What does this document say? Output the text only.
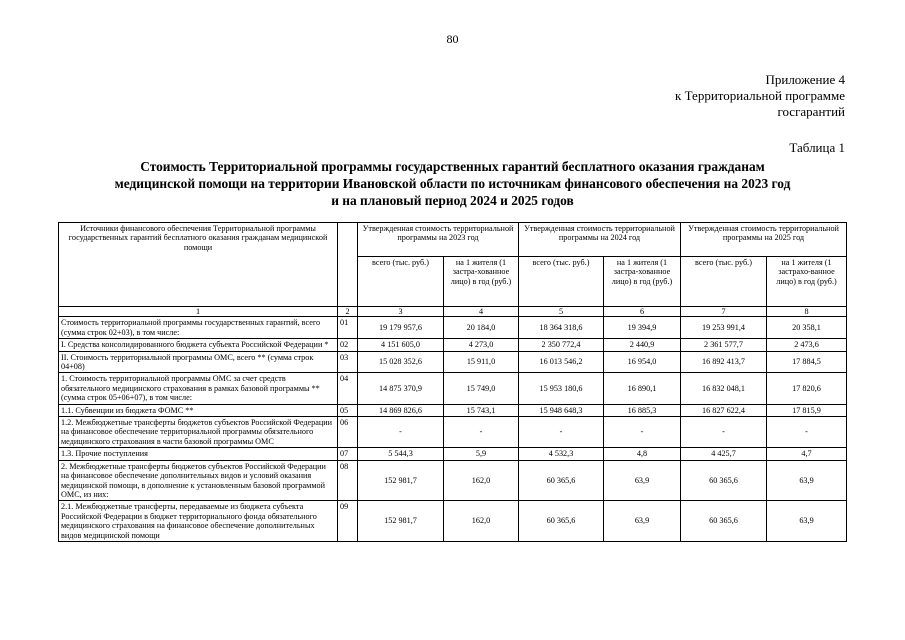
80
Приложение 4
к Территориальной программе
госгарантий
Таблица 1
Стоимость Территориальной программы государственных гарантий бесплатного оказания гражданам
медицинской помощи на территории Ивановской области по источникам финансового обеспечения на 2023 год
и на плановый период 2024 и 2025 годов
Источники финансового обеспечения Территориальной программы государственных гарантий бесплатного оказания гражданам медицинской помощи		Утвержденная стоимость территориальной программы на 2023 год		Утвержденная стоимость территориальной программы на 2024 год		Утвержденная стоимость территориальной программы на 2025 год	
		всего (тыс. руб.)	на 1 жителя (1 застра-хованное лицо) в год (руб.)	всего (тыс. руб.)	на 1 жителя (1 застра-хованное лицо) в год (руб.)	всего (тыс. руб.)	на 1 жителя (1 застрахо-ванное лицо) в год (руб.)
1	2	3	4	5	6	7	8
Стоимость территориальной программы государственных гарантий, всего (сумма строк 02+03), в том числе:	01	19 179 957,6	20 184,0	18 364 318,6	19 394,9	19 253 991,4	20 358,1
I. Средства консолидированного бюджета субъекта Российской Федерации *	02	4 151 605,0	4 273,0	2 350 772,4	2 440,9	2 361 577,7	2 473,6
II. Стоимость территориальной программы ОМС, всего ** (сумма строк 04+08)	03	15 028 352,6	15 911,0	16 013 546,2	16 954,0	16 892 413,7	17 884,5
1. Стоимость территориальной программы ОМС за счет средств обязательного медицинского страхования в рамках базовой программы ** (сумма строк 05+06+07), в том числе:	04	14 875 370,9	15 749,0	15 953 180,6	16 890,1	16 832 048,1	17 820,6
1.1. Субвенции из бюджета ФОМС **	05	14 869 826,6	15 743,1	15 948 648,3	16 885,3	16 827 622,4	17 815,9
1.2. Межбюджетные трансферты бюджетов субъектов Российской Федерации на финансовое обеспечение территориальной программы обязательного медицинского страхования в части базовой программы ОМС	06	-	-	-	-	-	-
1.3. Прочие поступления	07	5 544,3	5,9	4 532,3	4,8	4 425,7	4,7
2. Межбюджетные трансферты бюджетов субъектов Российской Федерации на финансовое обеспечение дополнительных видов и условий оказания медицинской помощи, в дополнение к установленным базовой программой ОМС, из них:	08	152 981,7	162,0	60 365,6	63,9	60 365,6	63,9
2.1. Межбюджетные трансферты, передаваемые из бюджета субъекта Российской Федерации в бюджет территориального фонда обязательного медицинского страхования на финансовое обеспечение дополнительных видов медицинской помощи	09	152 981,7	162,0	60 365,6	63,9	60 365,6	63,9
